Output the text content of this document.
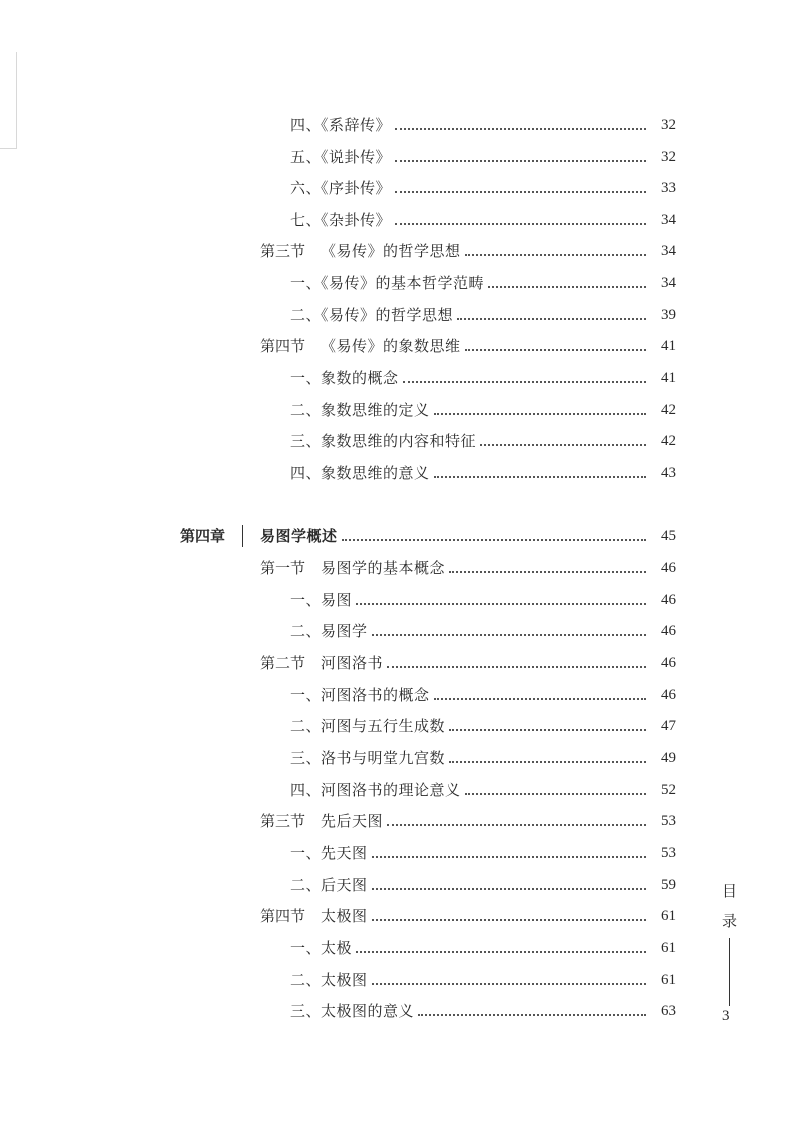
四、《系辞传》	32
五、《说卦传》	32
六、《序卦传》	33
七、《杂卦传》	34
第三节 《易传》的哲学思想	34
一、《易传》的基本哲学范畴	34
二、《易传》的哲学思想	39
第四节 《易传》的象数思维	41
一、象数的概念	41
二、象数思维的定义	42
三、象数思维的内容和特征	42
四、象数思维的意义	43
第四章 易图学概述	45
第一节 易图学的基本概念	46
一、易图	46
二、易图学	46
第二节 河图洛书	46
一、河图洛书的概念	46
二、河图与五行生成数	47
三、洛书与明堂九宫数	49
四、河图洛书的理论意义	52
第三节 先后天图	53
一、先天图	53
二、后天图	59
第四节 太极图	61
一、太极	61
二、太极图	61
三、太极图的意义	63
目
录
3
